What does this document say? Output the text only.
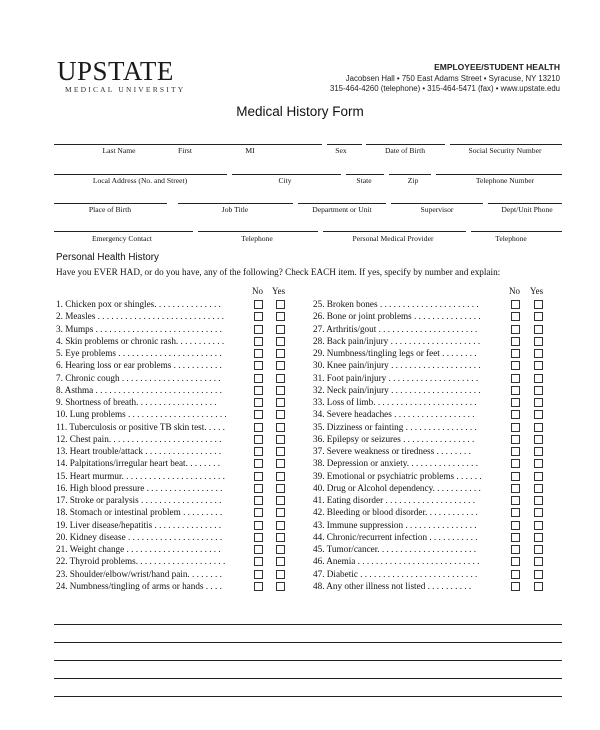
UPSTATE
MEDICAL UNIVERSITY
EMPLOYEE/STUDENT HEALTH
Jacobsen Hall • 750 East Adams Street • Syracuse, NY 13210
315-464-4260 (telephone) • 315-464-5471 (fax) • www.upstate.edu
Medical History Form
Last Name	First	MI	Sex	Date of Birth	Social Security Number
Local Address (No. and Street)	City	State	Zip	Telephone Number
Place of Birth	Job Title	Department or Unit	Supervisor	Dept/Unit Phone
Emergency Contact	Telephone	Personal Medical Provider	Telephone
Personal Health History
Have you EVER HAD, or do you have, any of the following? Check EACH item. If yes, specify by number and explain:
No Yes	No Yes
1. Chicken pox or shingles. . . . . . . . . . . . . . .
2. Measles . . . . . . . . . . . . . . . . . . . . . . . . . . . .
3. Mumps . . . . . . . . . . . . . . . . . . . . . . . . . . . .
4. Skin problems or chronic rash. . . . . . . . . . .
5. Eye problems . . . . . . . . . . . . . . . . . . . . . . .
6. Hearing loss or ear problems . . . . . . . . . . .
7. Chronic cough . . . . . . . . . . . . . . . . . . . . . .
8. Asthma . . . . . . . . . . . . . . . . . . . . . . . . . . . .
9. Shortness of breath. . . . . . . . . . . . . . . . . .
10. Lung problems . . . . . . . . . . . . . . . . . . . . . .
11. Tuberculosis or positive TB skin test. . . . .
12. Chest pain. . . . . . . . . . . . . . . . . . . . . . . . .
13. Heart trouble/attack . . . . . . . . . . . . . . . . .
14. Palpitations/irregular heart beat. . . . . . . .
15. Heart murmur. . . . . . . . . . . . . . . . . . . . . . .
16. High blood pressure . . . . . . . . . . . . . . . . .
17. Stroke or paralysis . . . . . . . . . . . . . . . . . .
18. Stomach or intestinal problem . . . . . . . . .
19. Liver disease/hepatitis . . . . . . . . . . . . . . .
20. Kidney disease . . . . . . . . . . . . . . . . . . . . .
21. Weight change . . . . . . . . . . . . . . . . . . . . .
22. Thyroid problems. . . . . . . . . . . . . . . . . . . .
23. Shoulder/elbow/wrist/hand pain. . . . . . . .
24. Numbness/tingling of arms or hands . . . .
25. Broken bones . . . . . . . . . . . . . . . . . . . . . .
26. Bone or joint problems . . . . . . . . . . . . . . .
27. Arthritis/gout . . . . . . . . . . . . . . . . . . . . . .
28. Back pain/injury . . . . . . . . . . . . . . . . . . . .
29. Numbness/tingling legs or feet . . . . . . . .
30. Knee pain/injury . . . . . . . . . . . . . . . . . . . .
31. Foot pain/injury . . . . . . . . . . . . . . . . . . . .
32. Neck pain/injury . . . . . . . . . . . . . . . . . . . .
33. Loss of limb. . . . . . . . . . . . . . . . . . . . . . .
34. Severe headaches . . . . . . . . . . . . . . . . . .
35. Dizziness or fainting . . . . . . . . . . . . . . . .
36. Epilepsy or seizures . . . . . . . . . . . . . . . .
37. Severe weakness or tiredness . . . . . . . .
38. Depression or anxiety. . . . . . . . . . . . . . . .
39. Emotional or psychiatric problems . . . . . .
40. Drug or Alcohol dependency. . . . . . . . . . .
41. Eating disorder . . . . . . . . . . . . . . . . . . . .
42. Bleeding or blood disorder. . . . . . . . . . . .
43. Immune suppression . . . . . . . . . . . . . . . .
44. Chronic/recurrent infection . . . . . . . . . . .
45. Tumor/cancer. . . . . . . . . . . . . . . . . . . . . .
46. Anemia . . . . . . . . . . . . . . . . . . . . . . . . . . .
47. Diabetic . . . . . . . . . . . . . . . . . . . . . . . . . .
48. Any other illness not listed . . . . . . . . . .
